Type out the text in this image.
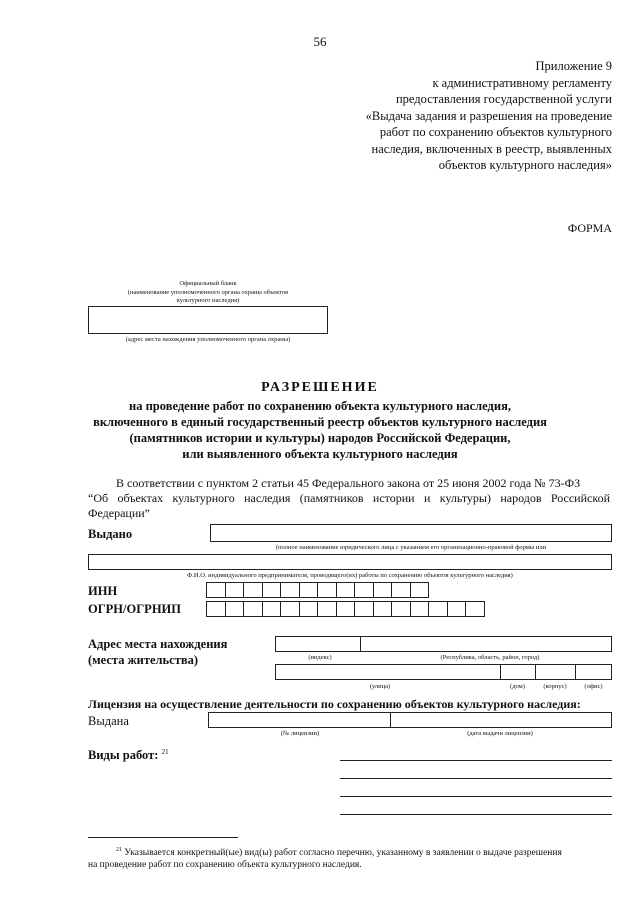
56
Приложение 9
к административному регламенту
предоставления государственной услуги
«Выдача задания и разрешения на проведение
работ по сохранению объектов культурного
наследия, включенных в реестр, выявленных
объектов культурного наследия»
ФОРМА
Официальный бланк
(наименование уполномоченного органа охраны объектов
культурного наследия)
(адрес места нахождения уполномоченного органа охраны)
РАЗРЕШЕНИЕ
на проведение работ по сохранению объекта культурного наследия,
включенного в единый государственный реестр объектов культурного наследия
(памятников истории и культуры) народов Российской Федерации,
или выявленного объекта культурного наследия
В соответствии с пунктом 2 статьи 45 Федерального закона от 25 июня 2002 года № 73-ФЗ
“Об объектах культурного наследия (памятников истории и культуры) народов Российской
Федерации”
Выдано
(полное наименование юридического лица с указанием его организационно-правовой формы или
Ф.И.О. индивидуального предпринимателя, проводящего(их) работы по сохранению объектов культурного наследия)
ИНН
ОГРН/ОГРНИП
Адрес места нахождения
(места жительства)	(индекс)	(Республика, область, район, город)
(улица)	(дом)	(корпус)	(офис)
Лицензия на осуществление деятельности по сохранению объектов культурного наследия:
Выдана
(№ лицензии)	(дата выдачи лицензии)
Виды работ: $^{21}$
$^{21}$ Указывается конкретный(ые) вид(ы) работ согласно перечню, указанному в заявлении о выдаче разрешения
на проведение работ по сохранению объекта культурного наследия.
